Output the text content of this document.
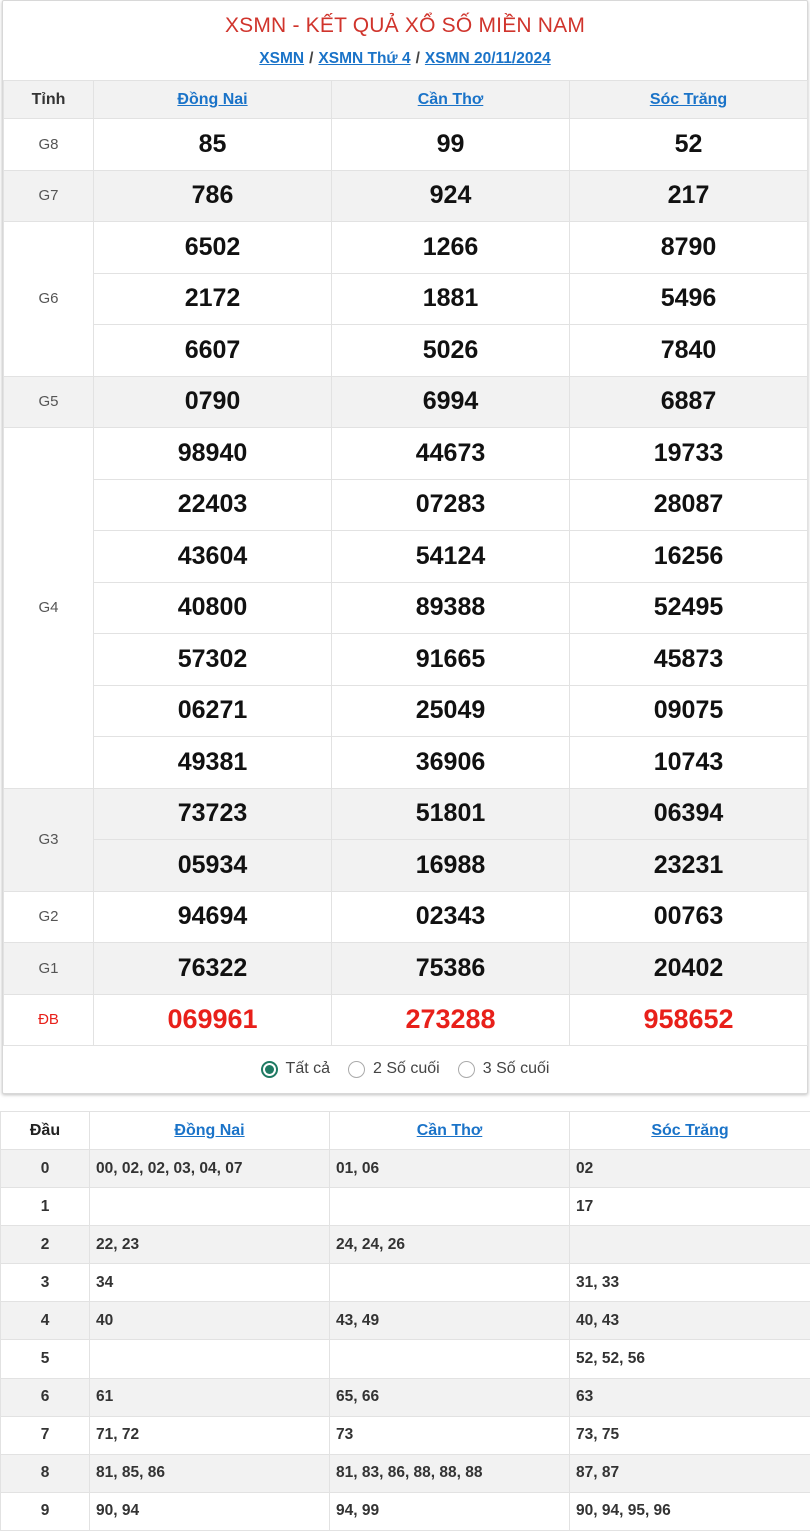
XSMN - KẾT QUẢ XỔ SỐ MIỀN NAM
XSMN / XSMN Thứ 4 / XSMN 20/11/2024
Tỉnh	Đồng Nai	Cần Thơ	Sóc Trăng
G8	85	99	52
G7	786	924	217
G6	6502	1266	8790
	2172	1881	5496
	6607	5026	7840
G5	0790	6994	6887
G4	98940	44673	19733
	22403	07283	28087
	43604	54124	16256
	40800	89388	52495
	57302	91665	45873
	06271	25049	09075
	49381	36906	10743
G3	73723	51801	06394
	05934	16988	23231
G2	94694	02343	00763
G1	76322	75386	20402
ĐB	069961	273288	958652
Tất cả	2 Số cuối	3 Số cuối
Đầu	Đồng Nai	Cần Thơ	Sóc Trăng
0	00, 02, 02, 03, 04, 07	01, 06	02
1			17
2	22, 23	24, 24, 26	
3	34		31, 33
4	40	43, 49	40, 43
5			52, 52, 56
6	61	65, 66	63
7	71, 72	73	73, 75
8	81, 85, 86	81, 83, 86, 88, 88, 88	87, 87
9	90, 94	94, 99	90, 94, 95, 96
